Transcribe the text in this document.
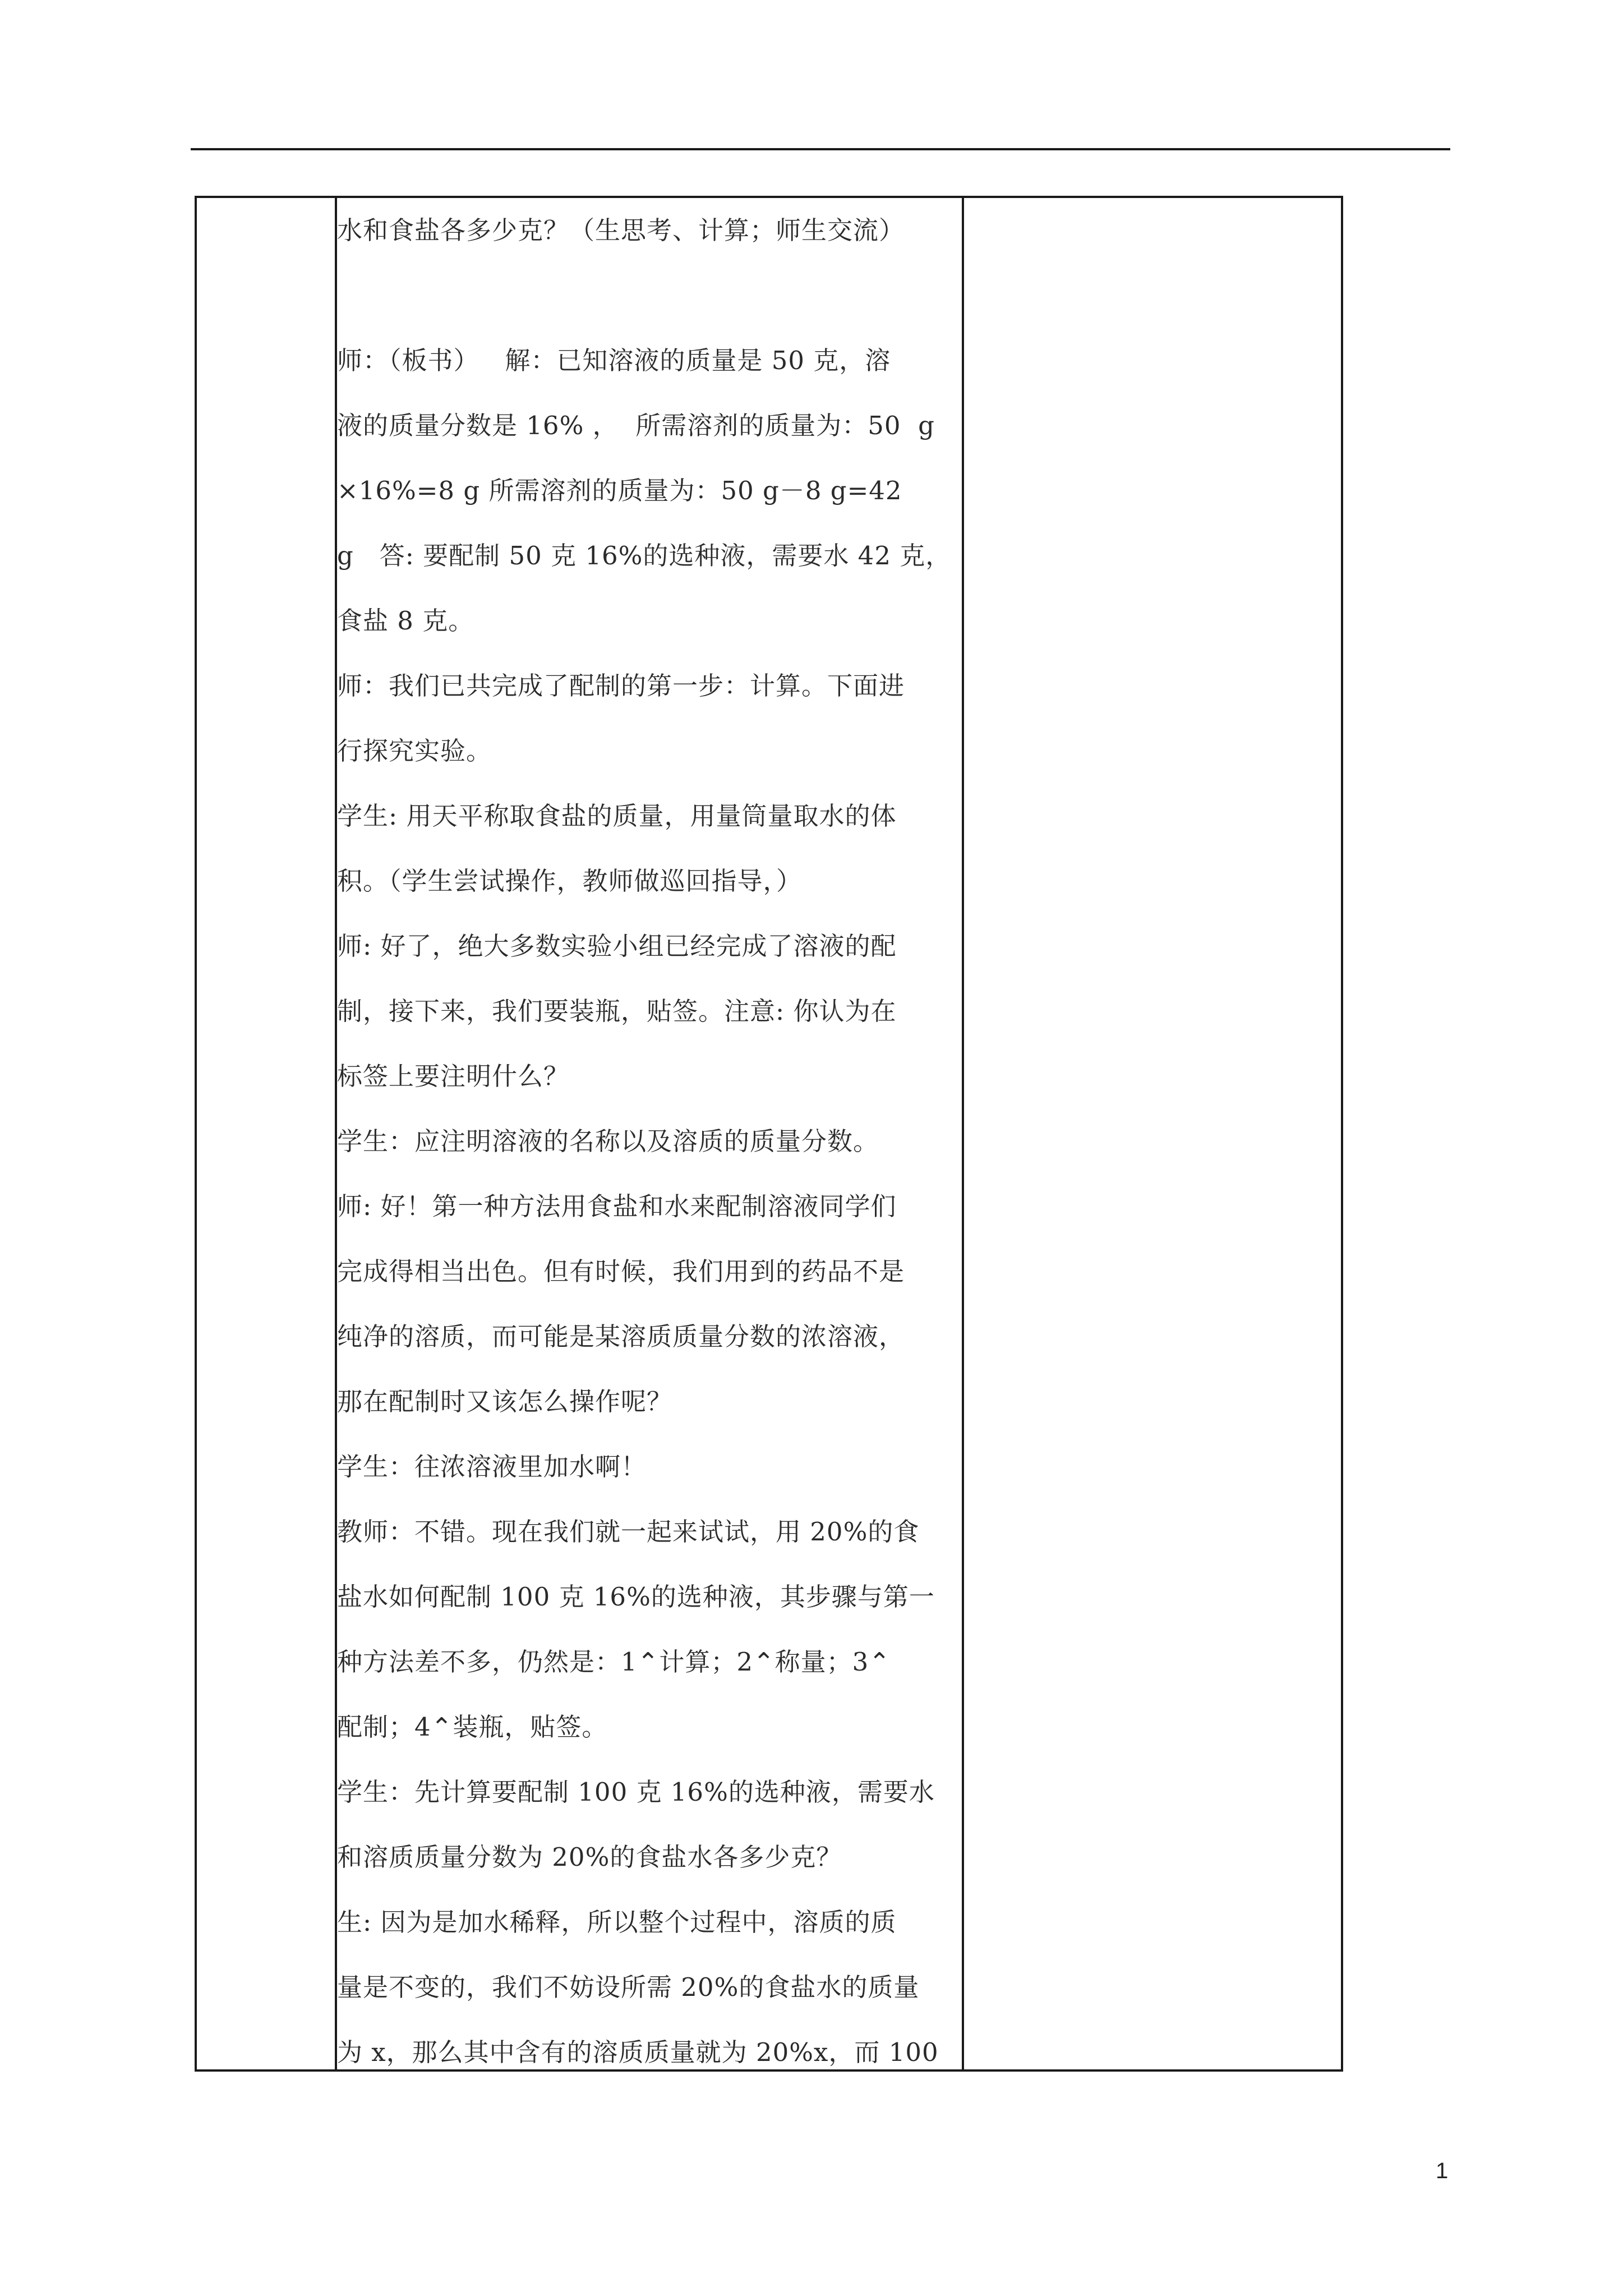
水和食盐各多少克？（生思考、计算；师生交流）
师：（板书）   解：已知溶液的质量是 50 克，溶
液的质量分数是 16% ，  所需溶剂的质量为：50  g
×16%=8 g 所需溶剂的质量为：50 g－8 g=42
g   答: 要配制 50 克 16%的选种液，需要水 42 克，
食盐 8 克。
师：我们已共完成了配制的第一步：计算。下面进
行探究实验。
学生: 用天平称取食盐的质量，用量筒量取水的体
积。（学生尝试操作，教师做巡回指导，）
师: 好了，绝大多数实验小组已经完成了溶液的配
制，接下来，我们要装瓶，贴签。注意: 你认为在
标签上要注明什么？
学生：应注明溶液的名称以及溶质的质量分数。
师: 好！第一种方法用食盐和水来配制溶液同学们
完成得相当出色。但有时候，我们用到的药品不是
纯净的溶质，而可能是某溶质质量分数的浓溶液，
那在配制时又该怎么操作呢？
学生：往浓溶液里加水啊！
教师：不错。现在我们就一起来试试，用 20%的食
盐水如何配制 100 克 16%的选种液，其步骤与第一
种方法差不多，仍然是：1⌃计算；2⌃称量；3⌃
配制；4⌃装瓶，贴签。
学生：先计算要配制 100 克 16%的选种液，需要水
和溶质质量分数为 20%的食盐水各多少克？
生: 因为是加水稀释，所以整个过程中，溶质的质
量是不变的，我们不妨设所需 20%的食盐水的质量
为 x，那么其中含有的溶质质量就为 20%x，而 100
1
